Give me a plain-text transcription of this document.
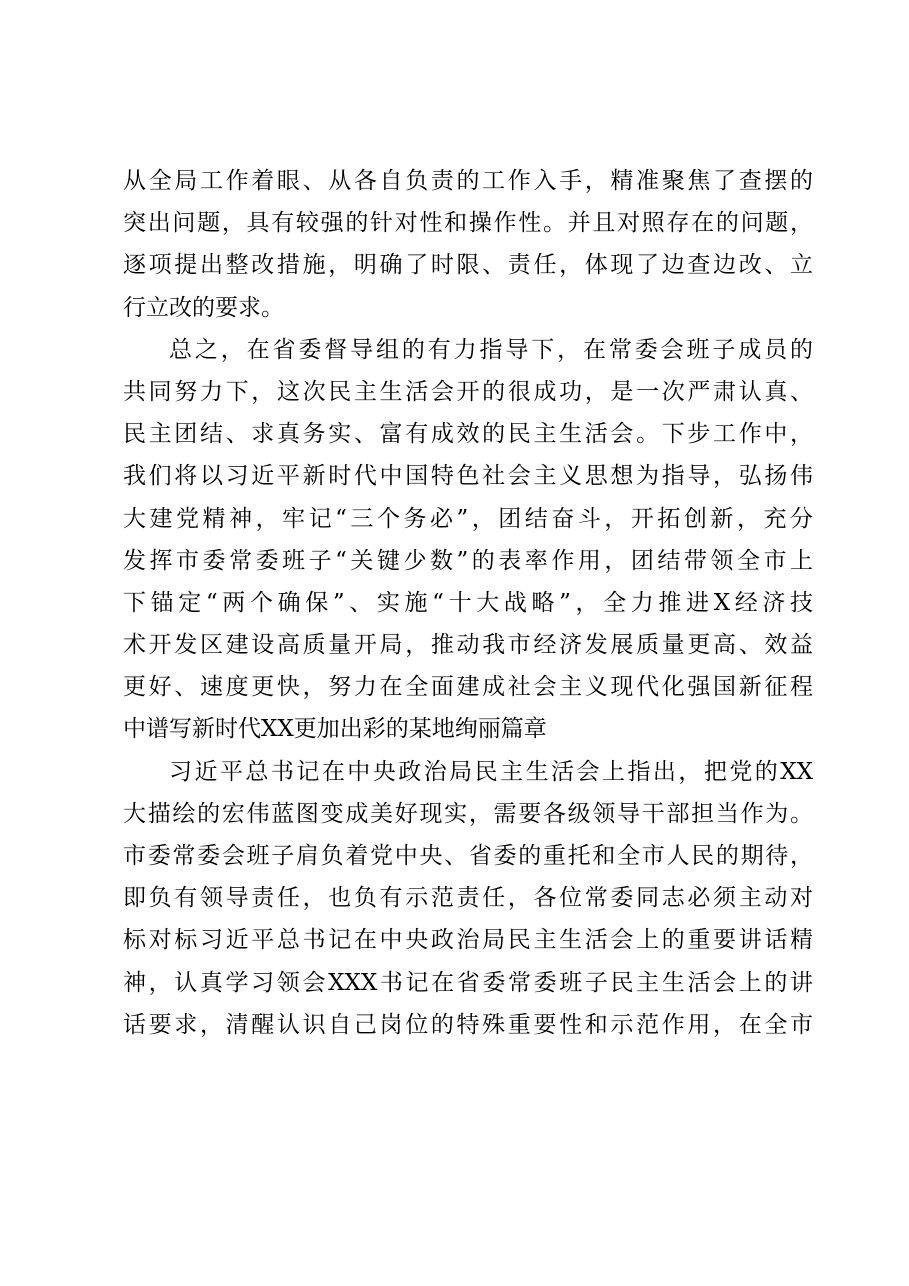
从全局工作着眼、从各自负责的工作入手，精准聚焦了查摆的
突出问题，具有较强的针对性和操作性。并且对照存在的问题，
逐项提出整改措施，明确了时限、责任，体现了边查边改、立
行立改的要求。
总之，在省委督导组的有力指导下，在常委会班子成员的
共同努力下，这次民主生活会开的很成功，是一次严肃认真、
民主团结、求真务实、富有成效的民主生活会。下步工作中，
我们将以习近平新时代中国特色社会主义思想为指导，弘扬伟
大建党精神，牢记“三个务必”，团结奋斗，开拓创新，充分
发挥市委常委班子“关键少数”的表率作用，团结带领全市上
下锚定“两个确保”、实施“十大战略”，全力推进X经济技
术开发区建设高质量开局，推动我市经济发展质量更高、效益
更好、速度更快，努力在全面建成社会主义现代化强国新征程
中谱写新时代XX更加出彩的某地绚丽篇章
习近平总书记在中央政治局民主生活会上指出，把党的XX
大描绘的宏伟蓝图变成美好现实，需要各级领导干部担当作为。
市委常委会班子肩负着党中央、省委的重托和全市人民的期待，
即负有领导责任，也负有示范责任，各位常委同志必须主动对
标对标习近平总书记在中央政治局民主生活会上的重要讲话精
神，认真学习领会XXX书记在省委常委班子民主生活会上的讲
话要求，清醒认识自己岗位的特殊重要性和示范作用，在全市
